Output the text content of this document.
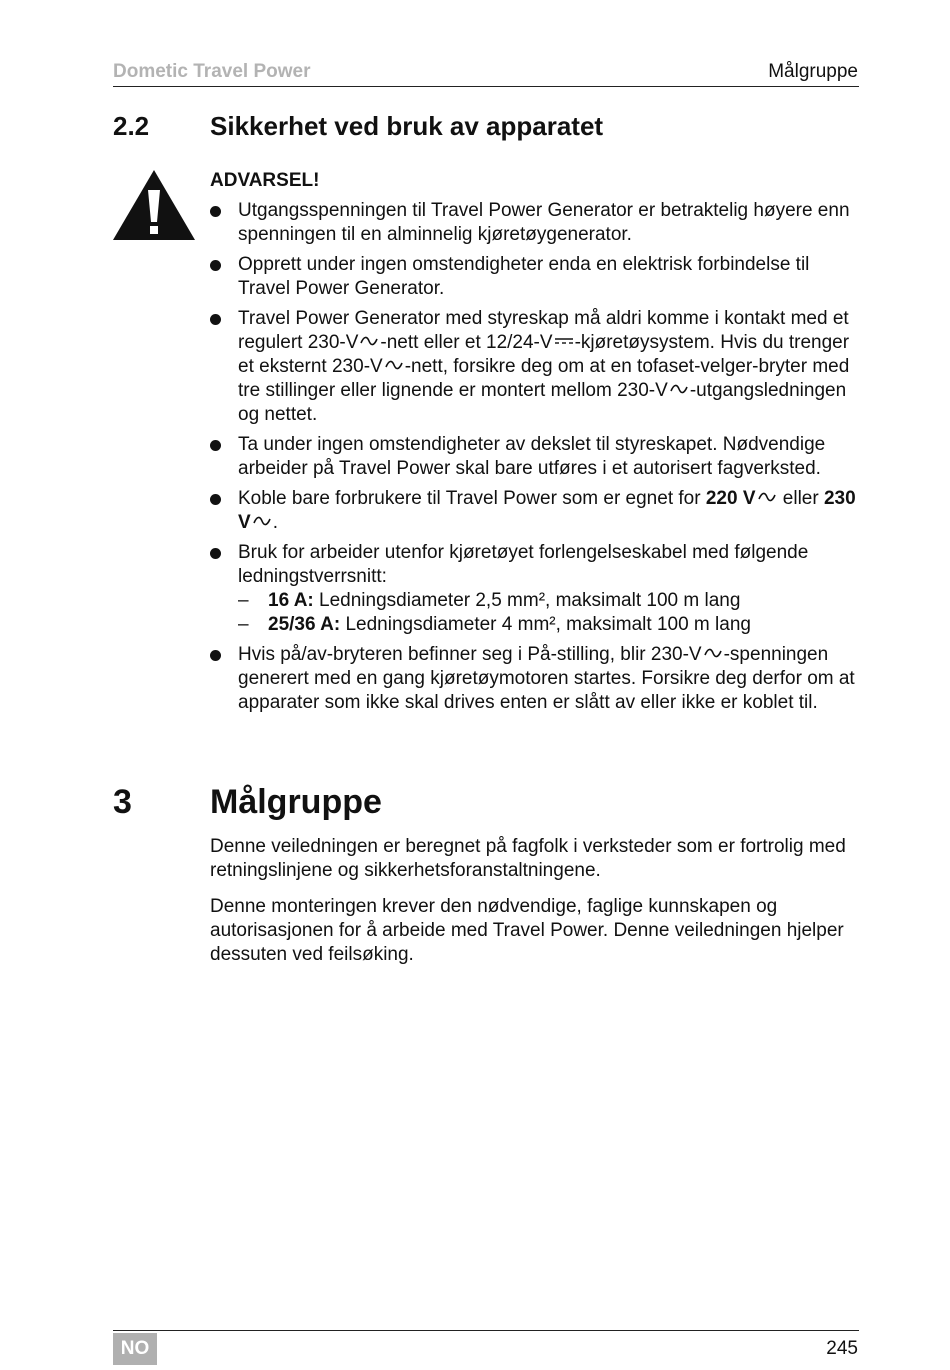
Dometic Travel Power	Målgruppe
2.2 Sikkerhet ved bruk av apparatet
ADVARSEL!
Utgangsspenningen til Travel Power Generator er betraktelig høyere enn spenningen til en alminnelig kjøretøygenerator.
Opprett under ingen omstendigheter enda en elektrisk forbindelse til Travel Power Generator.
Travel Power Generator med styreskap må aldri komme i kontakt med et regulert 230-V -nett eller et 12/24-V -kjøretøysystem. Hvis du trenger et eksternt 230-V -nett, forsikre deg om at en tofaset-velger-bryter med tre stillinger eller lignende er montert mellom 230-V -utgangsledningen og nettet.
Ta under ingen omstendigheter av dekslet til styreskapet. Nødvendige arbeider på Travel Power skal bare utføres i et autorisert fagverksted.
Koble bare forbrukere til Travel Power som er egnet for 220 V eller 230 V .
Bruk for arbeider utenfor kjøretøyet forlengelseskabel med følgende ledningstverrsnitt:
– 16 A: Ledningsdiameter 2,5 mm², maksimalt 100 m lang
– 25/36 A: Ledningsdiameter 4 mm², maksimalt 100 m lang
Hvis på/av-bryteren befinner seg i På-stilling, blir 230-V -spenningen generert med en gang kjøretøymotoren startes. Forsikre deg derfor om at apparater som ikke skal drives enten er slått av eller ikke er koblet til.
3 Målgruppe

Denne veiledningen er beregnet på fagfolk i verksteder som er fortrolig med retningslinjene og sikkerhetsforanstaltningene.

Denne monteringen krever den nødvendige, faglige kunnskapen og autorisasjonen for å arbeide med Travel Power. Denne veiledningen hjelper dessuten ved feilsøking.

NO	245
